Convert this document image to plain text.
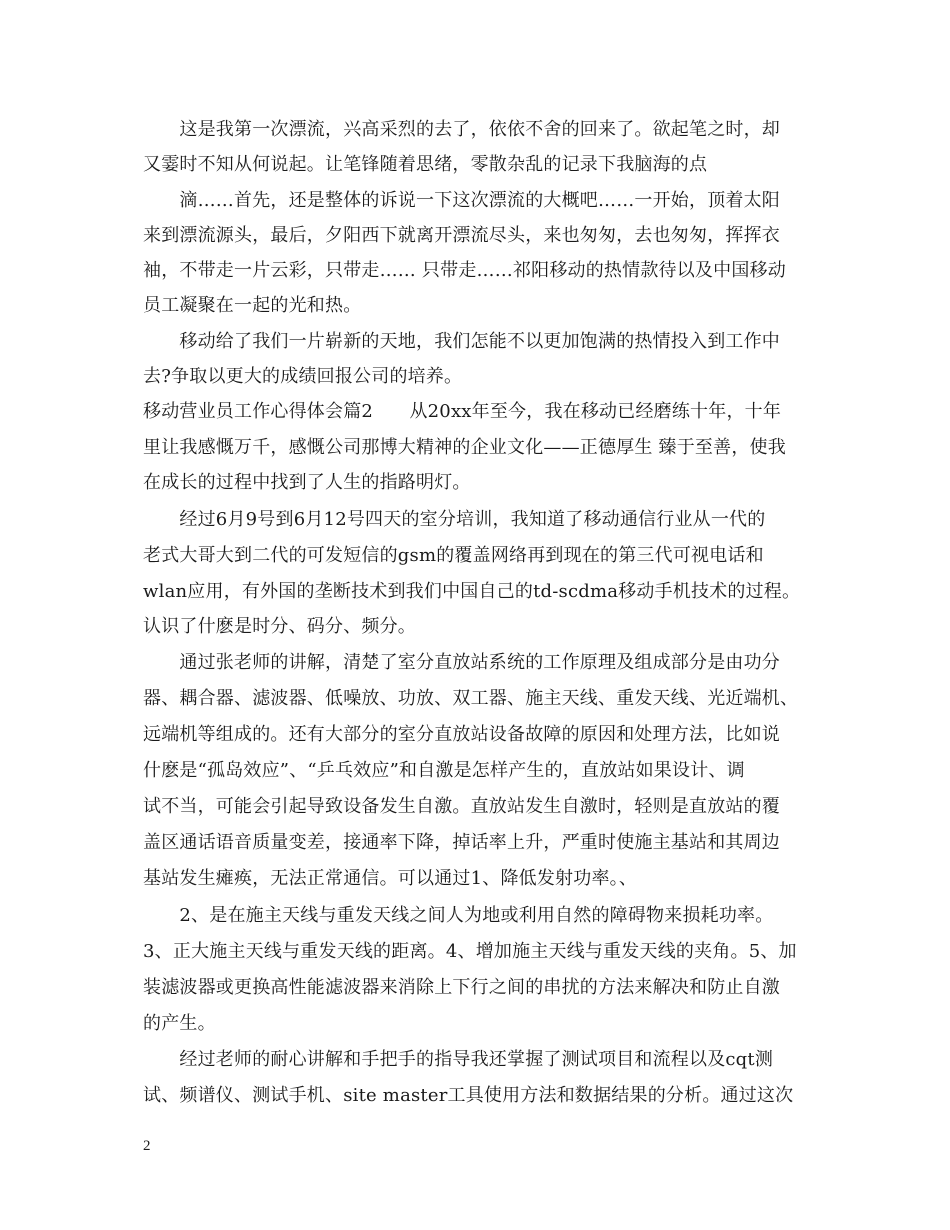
　　这是我第一次漂流，兴高采烈的去了，依依不舍的回来了。欲起笔之时，却
又霎时不知从何说起。让笔锋随着思绪，零散杂乱的记录下我脑海的点
　　滴……首先，还是整体的诉说一下这次漂流的大概吧……一开始，顶着太阳
来到漂流源头，最后，夕阳西下就离开漂流尽头，来也匆匆，去也匆匆，挥挥衣
袖，不带走一片云彩，只带走…… 只带走……祁阳移动的热情款待以及中国移动
员工凝聚在一起的光和热。
　　移动给了我们一片崭新的天地，我们怎能不以更加饱满的热情投入到工作中
去?争取以更大的成绩回报公司的培养。
移动营业员工作心得体会篇2　　从20xx年至今，我在移动已经磨练十年，十年
里让我感慨万千，感慨公司那博大精神的企业文化——正德厚生 臻于至善，使我
在成长的过程中找到了人生的指路明灯。
　　经过6月9号到6月12号四天的室分培训，我知道了移动通信行业从一代的
老式大哥大到二代的可发短信的gsm的覆盖网络再到现在的第三代可视电话和
wlan应用，有外国的垄断技术到我们中国自己的td-scdma移动手机技术的过程。
认识了什麽是时分、码分、频分。
　　通过张老师的讲解，清楚了室分直放站系统的工作原理及组成部分是由功分
器、耦合器、滤波器、低噪放、功放、双工器、施主天线、重发天线、光近端机、
远端机等组成的。还有大部分的室分直放站设备故障的原因和处理方法，比如说
什麽是“孤岛效应”、“乒乓效应”和自激是怎样产生的，直放站如果设计、调
试不当，可能会引起导致设备发生自激。直放站发生自激时，轻则是直放站的覆
盖区通话语音质量变差，接通率下降，掉话率上升，严重时使施主基站和其周边
基站发生瘫痪，无法正常通信。可以通过1、降低发射功率。、
　　2、是在施主天线与重发天线之间人为地或利用自然的障碍物来损耗功率。
3、正大施主天线与重发天线的距离。4、增加施主天线与重发天线的夹角。5、加
装滤波器或更换高性能滤波器来消除上下行之间的串扰的方法来解决和防止自激
的产生。
　　经过老师的耐心讲解和手把手的指导我还掌握了测试项目和流程以及cqt测
试、频谱仪、测试手机、site master工具使用方法和数据结果的分析。通过这次
2
